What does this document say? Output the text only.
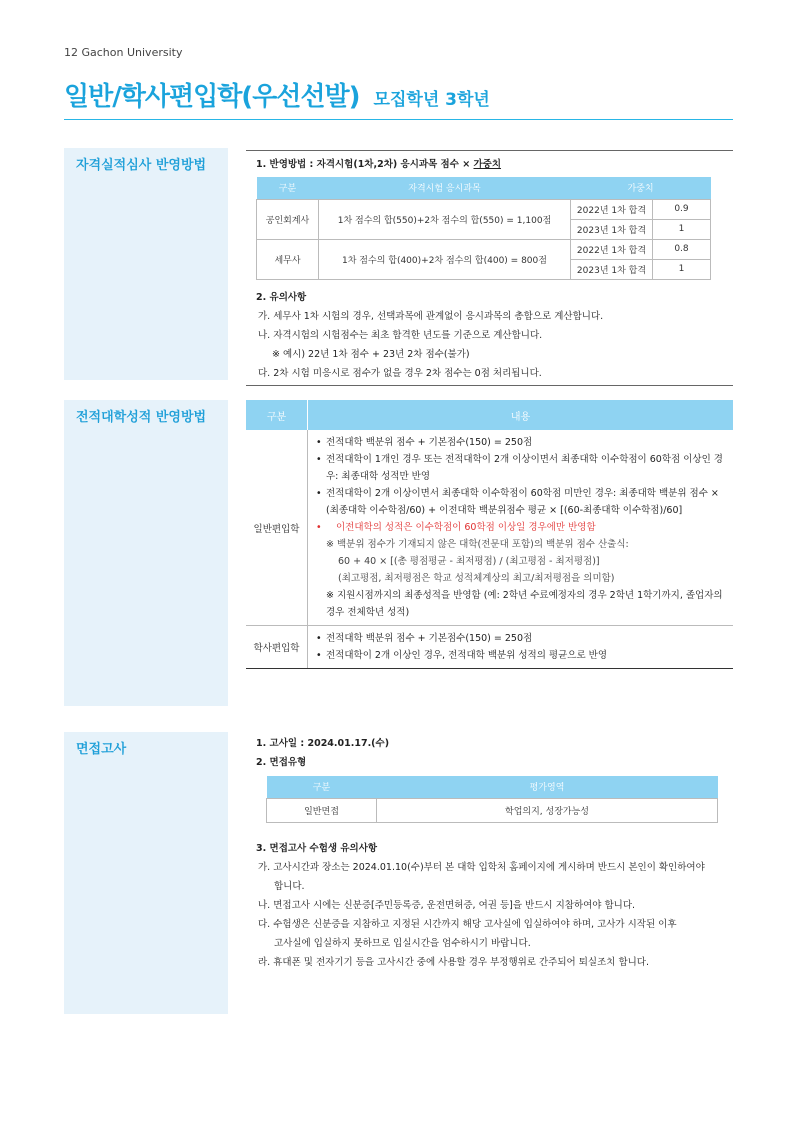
12 Gachon University
일반/학사편입학(우선선발) 모집학년 3학년
자격실적심사 반영방법	1. 반영방법 : 자격시험(1차,2차) 응시과목 점수 × 가중치
구분	자격시험 응시과목	가중치	
공인회계사	1차 점수의 합(550)+2차 점수의 합(550) = 1,100점	2022년 1차 합격	0.9
		2023년 1차 합격	1
세무사	1차 점수의 합(400)+2차 점수의 합(400) = 800점	2022년 1차 합격	0.8
		2023년 1차 합격	1
2. 유의사항
가. 세무사 1차 시험의 경우, 선택과목에 관계없이 응시과목의 총합으로 계산합니다.
나. 자격시험의 시험점수는 최초 합격한 년도를 기준으로 계산합니다.
※ 예시) 22년 1차 점수 + 23년 2차 점수(불가)
다. 2차 시험 미응시로 점수가 없을 경우 2차 점수는 0점 처리됩니다.
전적대학성적 반영방법	구분	내용
일반편입학
• 전적대학 백분위 점수 + 기본점수(150) = 250점
• 전적대학이 1개인 경우 또는 전적대학이 2개 이상이면서 최종대학 이수학점이 60학점 이상인 경우: 최종대학 성적만 반영
• 전적대학이 2개 이상이면서 최종대학 이수학점이 60학점 미만인 경우: 최종대학 백분위 점수 × (최종대학 이수학점/60) + 이전대학 백분위점수 평균 × [(60-최종대학 이수학점)/60]
• 이전대학의 성적은 이수학점이 60학점 이상일 경우에만 반영함
※ 백분위 점수가 기재되지 않은 대학(전문대 포함)의 백분위 점수 산출식:
60 + 40 × [(총 평점평균 - 최저평점) / (최고평점 - 최저평점)]
(최고평점, 최저평점은 학교 성적체계상의 최고/최저평점을 의미함)
※ 지원시점까지의 최종성적을 반영함 (예: 2학년 수료예정자의 경우 2학년 1학기까지, 졸업자의 경우 전체학년 성적)
학사편입학
• 전적대학 백분위 점수 + 기본점수(150) = 250점
• 전적대학이 2개 이상인 경우, 전적대학 백분위 성적의 평균으로 반영
면접고사	1. 고사일 : 2024.01.17.(수)
2. 면접유형
구분	평가영역
일반면접	학업의지, 성장가능성
3. 면접고사 수험생 유의사항
가. 고사시간과 장소는 2024.01.10(수)부터 본 대학 입학처 홈페이지에 게시하며 반드시 본인이 확인하여야
합니다.
나. 면접고사 시에는 신분증[주민등록증, 운전면허증, 여권 등]을 반드시 지참하여야 합니다.
다. 수험생은 신분증을 지참하고 지정된 시간까지 해당 고사실에 입실하여야 하며, 고사가 시작된 이후
고사실에 입실하지 못하므로 입실시간을 엄수하시기 바랍니다.
라. 휴대폰 및 전자기기 등을 고사시간 중에 사용할 경우 부정행위로 간주되어 퇴실조치 합니다.
